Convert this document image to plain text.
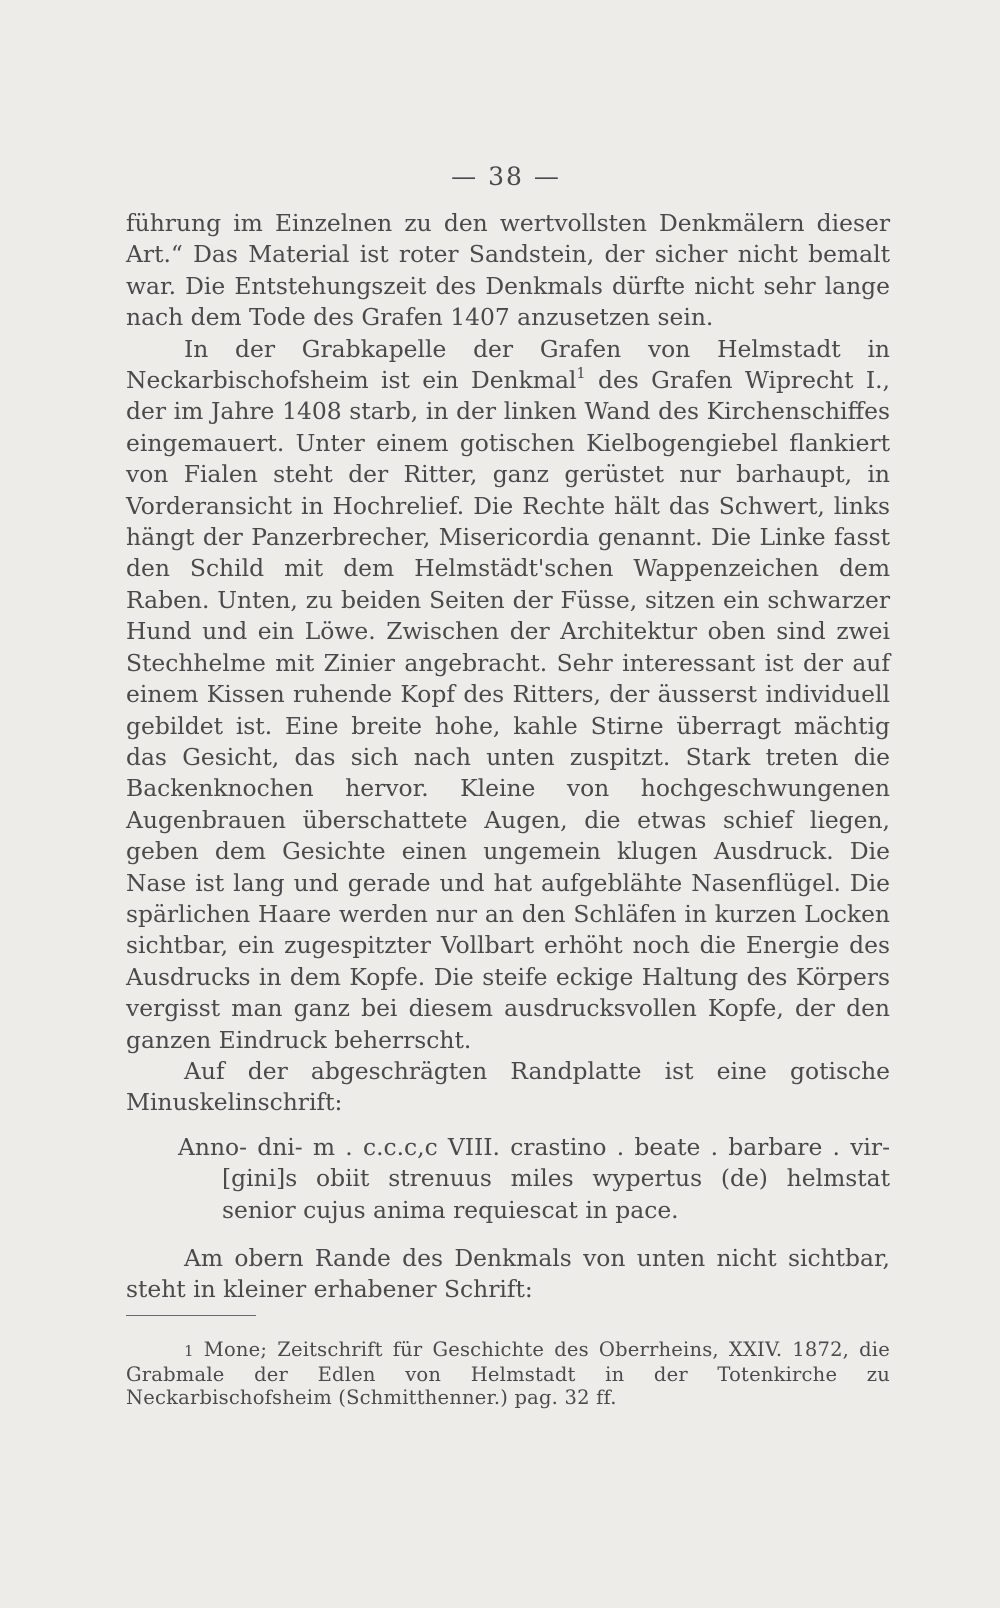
— 38 —

führung im Einzelnen zu den wertvollsten Denkmälern dieser Art.“ Das Material ist roter Sandstein, der sicher nicht bemalt war. Die Entstehungszeit des Denkmals dürfte nicht sehr lange nach dem Tode des Grafen 1407 anzusetzen sein.

In der Grabkapelle der Grafen von Helmstadt in Neckarbischofsheim ist ein Denkmal$^1$ des Grafen Wiprecht I., der im Jahre 1408 starb, in der linken Wand des Kirchenschiffes eingemauert. Unter einem gotischen Kielbogengiebel flankiert von Fialen steht der Ritter, ganz gerüstet nur barhaupt, in Vorderansicht in Hochrelief. Die Rechte hält das Schwert, links hängt der Panzerbrecher, Misericordia genannt. Die Linke fasst den Schild mit dem Helmstädt'schen Wappenzeichen dem Raben. Unten, zu beiden Seiten der Füsse, sitzen ein schwarzer Hund und ein Löwe. Zwischen der Architektur oben sind zwei Stechhelme mit Zinier angebracht. Sehr interessant ist der auf einem Kissen ruhende Kopf des Ritters, der äusserst individuell gebildet ist. Eine breite hohe, kahle Stirne überragt mächtig das Gesicht, das sich nach unten zuspitzt. Stark treten die Backenknochen hervor. Kleine von hochgeschwungenen Augenbrauen überschattete Augen, die etwas schief liegen, geben dem Gesichte einen ungemein klugen Ausdruck. Die Nase ist lang und gerade und hat aufgeblähte Nasenflügel. Die spärlichen Haare werden nur an den Schläfen in kurzen Locken sichtbar, ein zugespitzter Vollbart erhöht noch die Energie des Ausdrucks in dem Kopfe. Die steife eckige Haltung des Körpers vergisst man ganz bei diesem ausdrucksvollen Kopfe, der den ganzen Eindruck beherrscht.

Auf der abgeschrägten Randplatte ist eine gotische Minuskelinschrift:

Anno- dni- m . c.c.c,c VIII. crastino . beate . barbare . vir- [gini]s obiit strenuus miles wypertus (de) helmstat senior cujus anima requiescat in pace.

Am obern Rande des Denkmals von unten nicht sichtbar, steht in kleiner erhabener Schrift:

1 Mone; Zeitschrift für Geschichte des Oberrheins, XXIV. 1872, die Grabmale der Edlen von Helmstadt in der Totenkirche zu Neckarbischofsheim (Schmitthenner.) pag. 32 ff.
